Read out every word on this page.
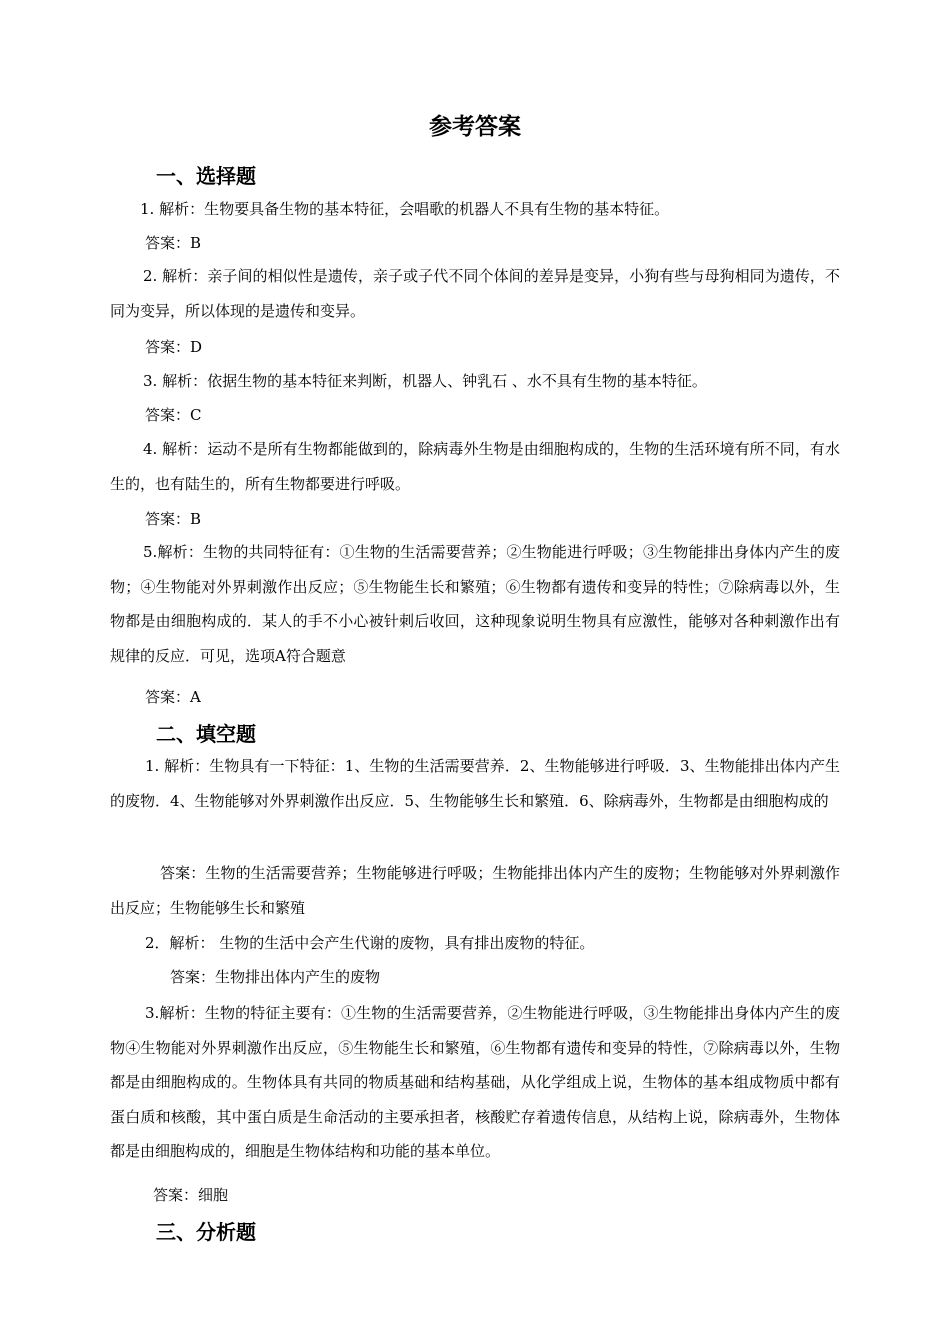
参考答案
一、选择题
1. 解析：生物要具备生物的基本特征，会唱歌的机器人不具有生物的基本特征。
答案：B
2. 解析：亲子间的相似性是遗传，亲子或子代不同个体间的差异是变异，小狗有些与母狗相同为遗传，不同为变异，所以体现的是遗传和变异。
答案：D
3. 解析：依据生物的基本特征来判断，机器人、钟乳石 、水不具有生物的基本特征。
答案：C
4. 解析：运动不是所有生物都能做到的，除病毒外生物是由细胞构成的，生物的生活环境有所不同，有水生的，也有陆生的，所有生物都要进行呼吸。
答案：B
5.解析：生物的共同特征有：①生物的生活需要营养；②生物能进行呼吸；③生物能排出身体内产生的废物；④生物能对外界刺激作出反应；⑤生物能生长和繁殖；⑥生物都有遗传和变异的特性；⑦除病毒以外，生物都是由细胞构成的．某人的手不小心被针刺后收回，这种现象说明生物具有应激性，能够对各种刺激作出有规律的反应．可见，选项A符合题意
答案：A
二、填空题
1. 解析：生物具有一下特征：1、生物的生活需要营养．2、生物能够进行呼吸．3、生物能排出体内产生的废物．4、生物能够对外界刺激作出反应．5、生物能够生长和繁殖．6、除病毒外，生物都是由细胞构成的
答案：生物的生活需要营养；生物能够进行呼吸；生物能排出体内产生的废物；生物能够对外界刺激作出反应；生物能够生长和繁殖
2．解析： 生物的生活中会产生代谢的废物，具有排出废物的特征。
答案：生物排出体内产生的废物
3.解析：生物的特征主要有：①生物的生活需要营养，②生物能进行呼吸，③生物能排出身体内产生的废物④生物能对外界刺激作出反应，⑤生物能生长和繁殖，⑥生物都有遗传和变异的特性，⑦除病毒以外，生物都是由细胞构成的。生物体具有共同的物质基础和结构基础，从化学组成上说，生物体的基本组成物质中都有蛋白质和核酸，其中蛋白质是生命活动的主要承担者，核酸贮存着遗传信息，从结构上说，除病毒外，生物体都是由细胞构成的，细胞是生物体结构和功能的基本单位。
答案：细胞
三、分析题
